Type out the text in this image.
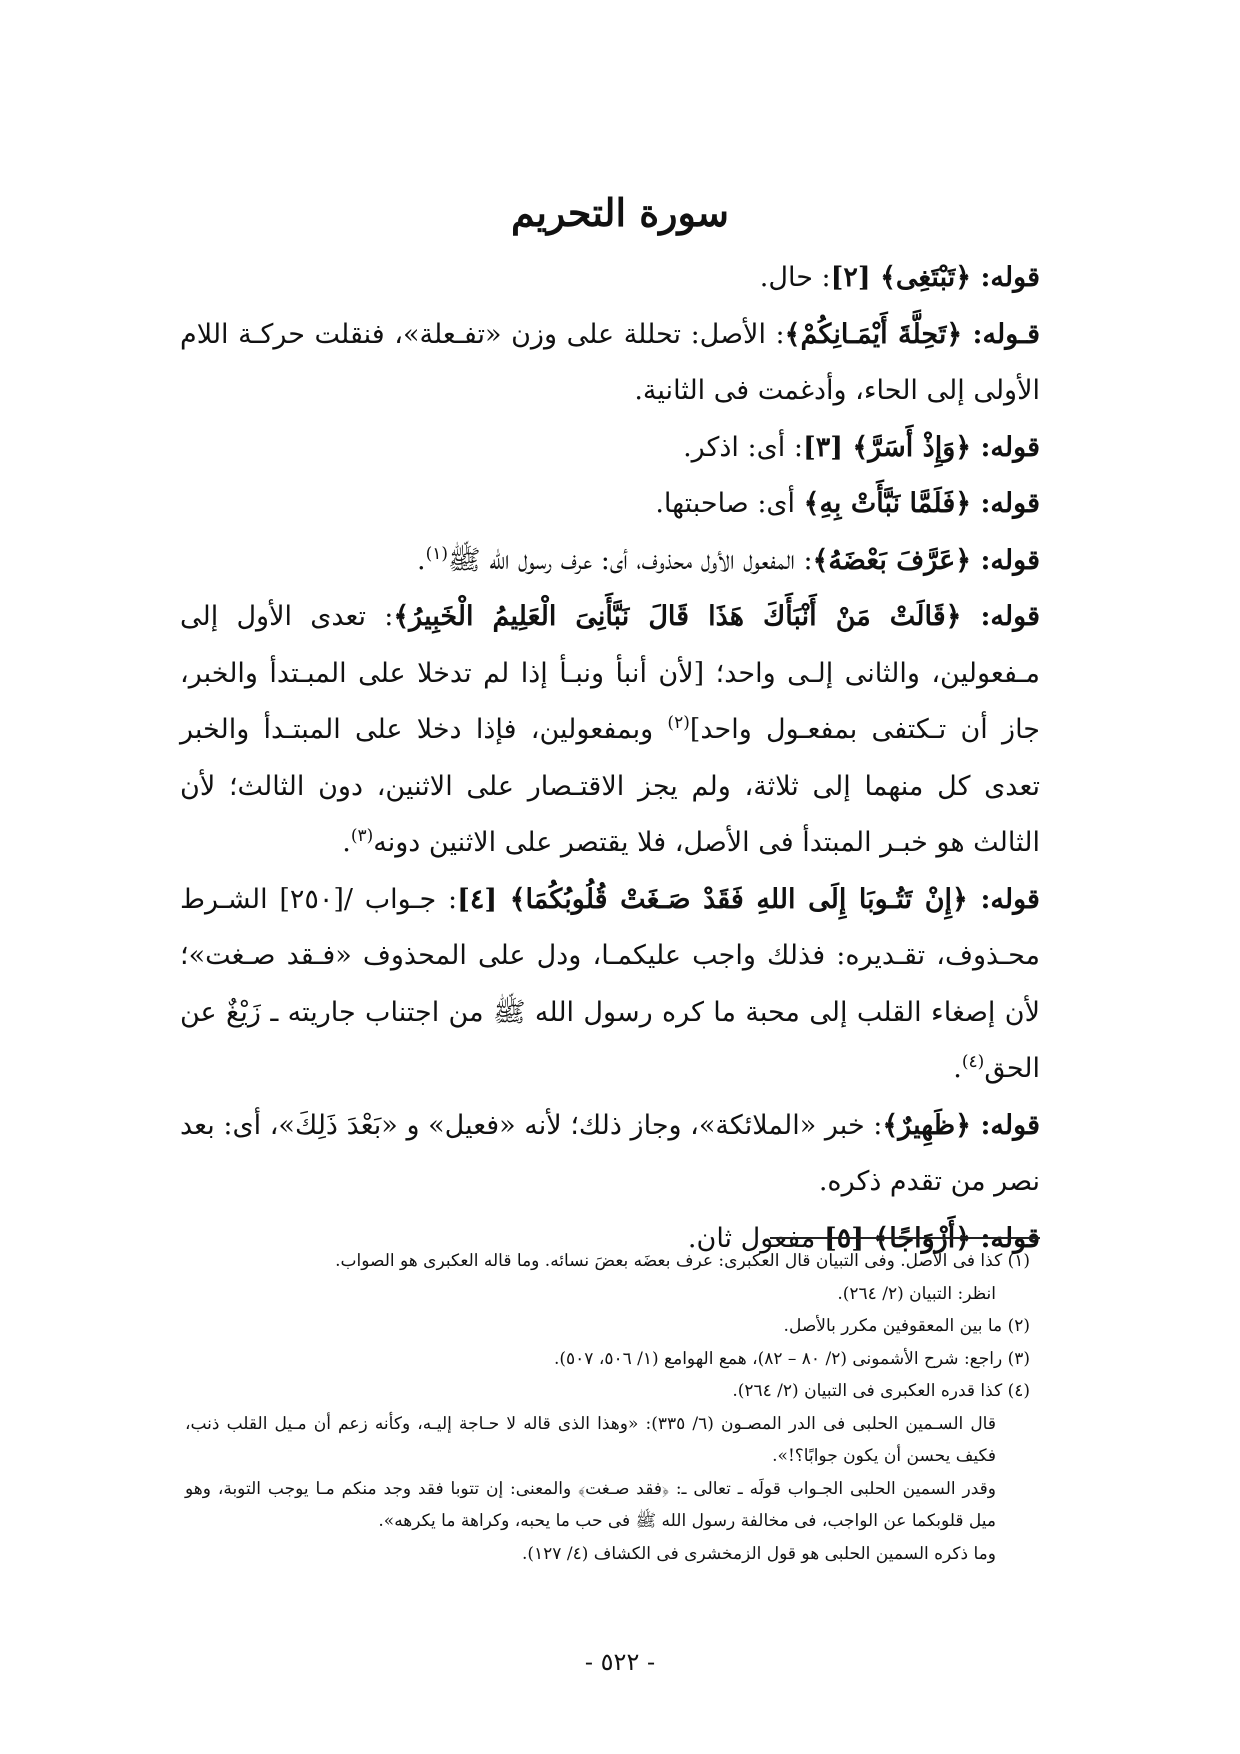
سورة التحريم

قوله: ﴿تَبْتَغِى﴾ [٢]: حال.

قـوله: ﴿تَحِلَّةَ أَيْمَـانِكُمْ﴾: الأصل: تحللة على وزن «تفـعلة»، فنقلت حركـة اللام الأولى إلى الحاء، وأدغمت فى الثانية.

قوله: ﴿وَإِذْ أَسَرَّ﴾ [٣]: أى: اذكر.

قوله: ﴿فَلَمَّا نَبَّأَتْ بِهِ﴾ أى: صاحبتها.

قوله: ﴿عَرَّفَ بَعْضَهُ﴾: المفعول الأول محذوف، أى: عرف رسول الله ﷺ$^{(١)}$.

قوله: ﴿قَالَتْ مَنْ أَنْبَأَكَ هَذَا قَالَ نَبَّأَنِىَ الْعَلِيمُ الْخَبِيرُ﴾: تعدى الأول إلى مـفعولين، والثانى إلـى واحد؛ [لأن أنبأ ونبـأ إذا لم تدخلا على المبـتدأ والخبر، جاز أن تـكتفى بمفعـول واحد]$^{(٢)}$ وبمفعولين، فإذا دخلا على المبتـدأ والخبر تعدى كل منهما إلى ثلاثة، ولم يجز الاقتـصار على الاثنين، دون الثالث؛ لأن الثالث هو خبـر المبتدأ فى الأصل، فلا يقتصر على الاثنين دونه$^{(٣)}$.

قوله: ﴿إِنْ تَتُـوبَا إِلَى اللهِ فَقَدْ صَـغَتْ قُلُوبُكُمَا﴾ [٤]: جـواب /[٢٥٠] الشـرط محـذوف، تقـديره: فذلك واجب عليكمـا، ودل على المحذوف «فـقد صـغت»؛ لأن إصغاء القلب إلى محبة ما كره رسول الله ﷺ من اجتناب جاريته ـ زَيْغٌ عن الحق$^{(٤)}$.

قوله: ﴿ظَهِيرٌ﴾: خبر «الملائكة»، وجاز ذلك؛ لأنه «فعيل» و «بَعْدَ ذَلِكَ»، أى: بعد نصر من تقدم ذكره.

قوله: ﴿أَزْوَاجًا﴾ [٥] مفعول ثان.

(١) كذا فى الأصل. وفى التبيان قال العكبرى: عرف بعضَه بعضَ نسائه. وما قاله العكبرى هو الصواب.

انظر: التبيان (٢/ ٢٦٤).

(٢) ما بين المعقوفين مكرر بالأصل.

(٣) راجع: شرح الأشمونى (٢/ ٨٠ – ٨٢)، همع الهوامع (١/ ٥٠٦، ٥٠٧).

(٤) كذا قدره العكبرى فى التبيان (٢/ ٢٦٤).

قال السـمين الحلبى فى الدر المصـون (٦/ ٣٣٥): «وهذا الذى قاله لا حـاجة إليـه، وكأنه زعم أن مـيل القلب ذنب، فكيف يحسن أن يكون جوابًا؟!».

وقدر السمين الحلبى الجـواب قولَه ـ تعالى ـ: ﴿فقد صـغت﴾ والمعنى: إن تتوبا فقد وجد منكم مـا يوجب التوبة، وهو ميل قلوبكما عن الواجب، فى مخالفة رسول الله ﷺ فى حب ما يحبه، وكراهة ما يكرهه».

وما ذكره السمين الحلبى هو قول الزمخشرى فى الكشاف (٤/ ١٢٧).

- ٥٢٢ -
